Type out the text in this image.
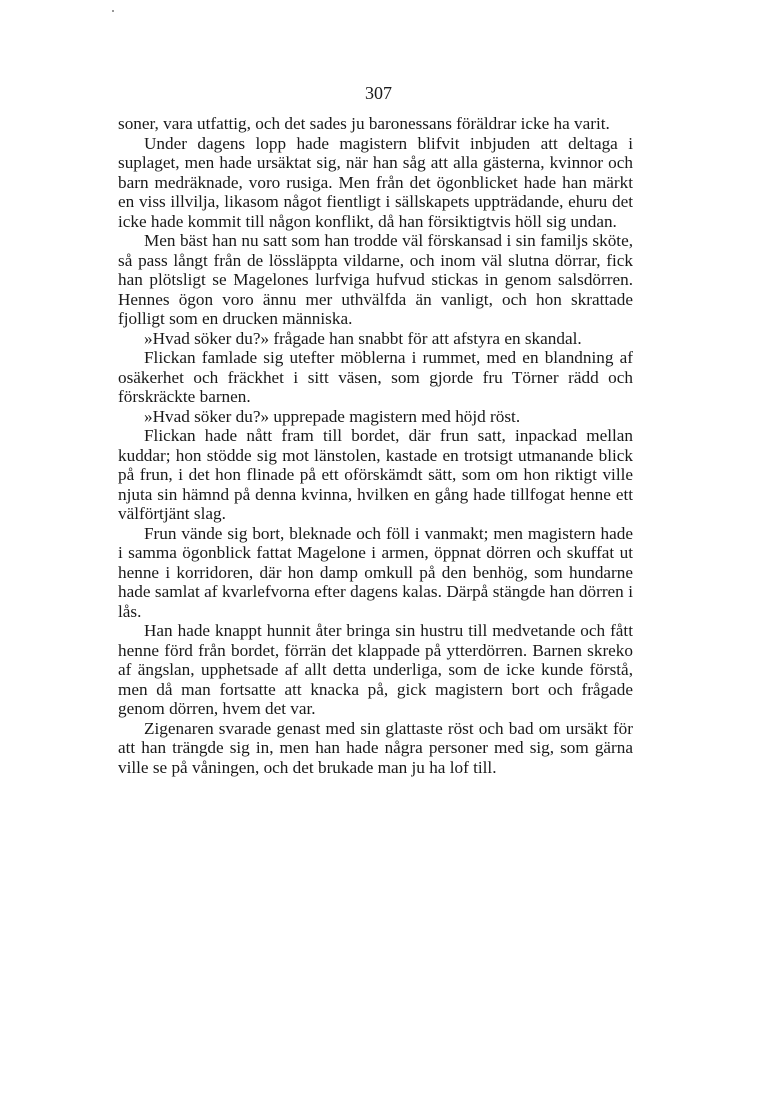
307

soner, vara utfattig, och det sades ju baronessans föräldrar icke ha varit.

Under dagens lopp hade magistern blifvit inbjuden att deltaga i suplaget, men hade ursäktat sig, när han såg att alla gästerna, kvinnor och barn medräknade, voro rusiga. Men från det ögonblicket hade han märkt en viss illvilja, likasom något fientligt i sällskapets uppträdande, ehuru det icke hade kommit till någon konflikt, då han försiktigtvis höll sig undan.

Men bäst han nu satt som han trodde väl förskansad i sin familjs sköte, så pass långt från de lössläppta vildarne, och inom väl slutna dörrar, fick han plötsligt se Magelones lurfviga hufvud stickas in genom salsdörren. Hennes ögon voro ännu mer uthvälfda än vanligt, och hon skrattade fjolligt som en drucken människa.

»Hvad söker du?» frågade han snabbt för att afstyra en skandal.

Flickan famlade sig utefter möblerna i rummet, med en blandning af osäkerhet och fräckhet i sitt väsen, som gjorde fru Törner rädd och förskräckte barnen.

»Hvad söker du?» upprepade magistern med höjd röst.

Flickan hade nått fram till bordet, där frun satt, inpackad mellan kuddar; hon stödde sig mot länstolen, kastade en trotsigt utmanande blick på frun, i det hon flinade på ett oförskämdt sätt, som om hon riktigt ville njuta sin hämnd på denna kvinna, hvilken en gång hade tillfogat henne ett välförtjänt slag.

Frun vände sig bort, bleknade och föll i vanmakt; men magistern hade i samma ögonblick fattat Magelone i armen, öppnat dörren och skuffat ut henne i korridoren, där hon damp omkull på den benhög, som hundarne hade samlat af kvarlefvorna efter dagens kalas. Därpå stängde han dörren i lås.

Han hade knappt hunnit åter bringa sin hustru till medvetande och fått henne förd från bordet, förrän det klappade på ytterdörren. Barnen skreko af ängslan, upphetsade af allt detta underliga, som de icke kunde förstå, men då man fortsatte att knacka på, gick magistern bort och frågade genom dörren, hvem det var.

Zigenaren svarade genast med sin glattaste röst och bad om ursäkt för att han trängde sig in, men han hade några personer med sig, som gärna ville se på våningen, och det brukade man ju ha lof till.
